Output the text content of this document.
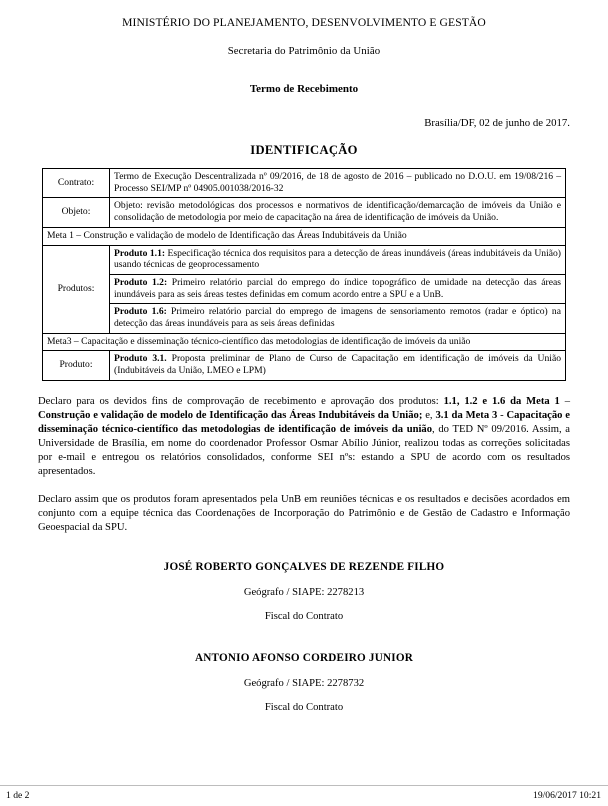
MINISTÉRIO DO PLANEJAMENTO, DESENVOLVIMENTO E GESTÃO
Secretaria do Patrimônio da União
Termo de Recebimento
Brasília/DF, 02 de junho de 2017.
IDENTIFICAÇÃO
Contrato:	Termo de Execução Descentralizada nº 09/2016, de 18 de agosto de 2016 – publicado no D.O.U. em 19/08/216 – Processo SEI/MP nº 04905.001038/2016-32
Objeto:	Objeto: revisão metodológicas dos processos e normativos de identificação/demarcação de imóveis da União e consolidação de metodologia por meio de capacitação na área de identificação de imóveis da União.
Meta 1 – Construção e validação de modelo de Identificação das Áreas Indubitáveis da União	
Produtos:	Produto 1.1: Especificação técnica dos requisitos para a detecção de áreas inundáveis (áreas indubitáveis da União) usando técnicas de geoprocessamento
	Produto 1.2: Primeiro relatório parcial do emprego do índice topográfico de umidade na detecção das áreas inundáveis para as seis áreas testes definidas em comum acordo entre a SPU e a UnB.
	Produto 1.6: Primeiro relatório parcial do emprego de imagens de sensoriamento remotos (radar e óptico) na detecção das áreas inundáveis para as seis áreas definidas
Meta3 – Capacitação e disseminação técnico-científico das metodologias de identificação de imóveis da união	
Produto:	Produto 3.1. Proposta preliminar de Plano de Curso de Capacitação em identificação de imóveis da União (Indubitáveis da União, LMEO e LPM)

Declaro para os devidos fins de comprovação de recebimento e aprovação dos produtos: 1.1, 1.2 e 1.6 da Meta 1 – Construção e validação de modelo de Identificação das Áreas Indubitáveis da União; e, 3.1 da Meta 3 - Capacitação e disseminação técnico-científico das metodologias de identificação de imóveis da união, do TED Nº 09/2016. Assim, a Universidade de Brasília, em nome do coordenador Professor Osmar Abílio Júnior, realizou todas as correções solicitadas por e-mail e entregou os relatórios consolidados, conforme SEI nºs: estando a SPU de acordo com os resultados apresentados.

Declaro assim que os produtos foram apresentados pela UnB em reuniões técnicas e os resultados e decisões acordados em conjunto com a equipe técnica das Coordenações de Incorporação do Patrimônio e de Gestão de Cadastro e Informação Geoespacial da SPU.

JOSÉ ROBERTO GONÇALVES DE REZENDE FILHO
Geógrafo / SIAPE: 2278213
Fiscal do Contrato
ANTONIO AFONSO CORDEIRO JUNIOR
Geógrafo / SIAPE: 2278732
Fiscal do Contrato
1 de 2	19/06/2017 10:21
